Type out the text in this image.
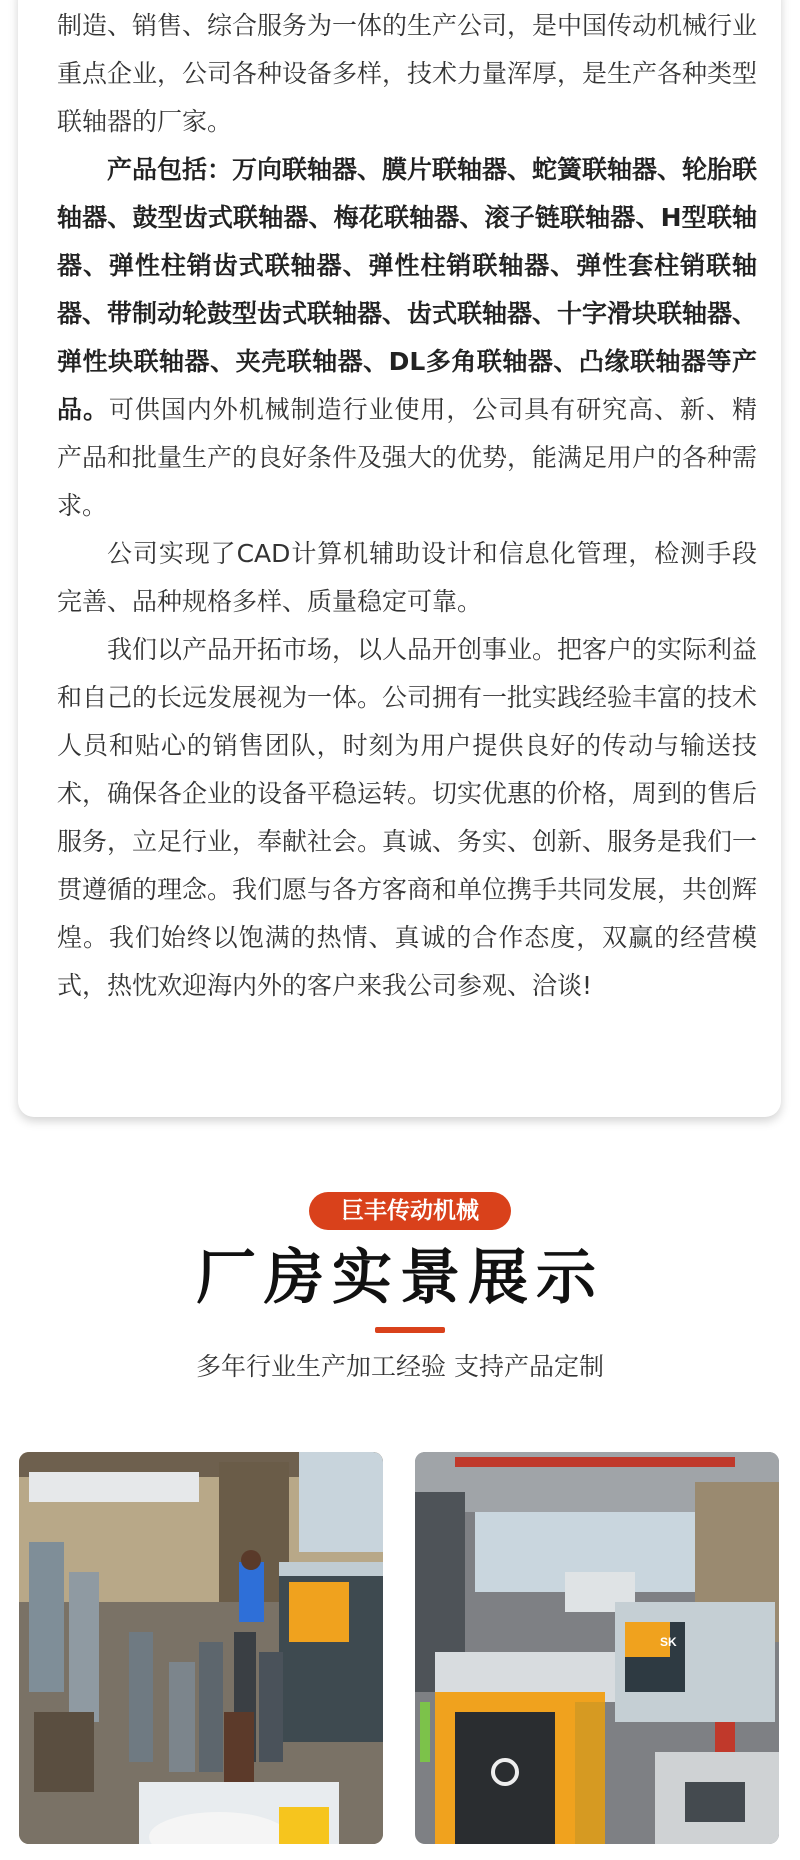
制造、销售、综合服务为一体的生产公司，是中国传动机械行业重点企业，公司各种设备多样，技术力量浑厚，是生产各种类型联轴器的厂家。

产品包括：万向联轴器、膜片联轴器、蛇簧联轴器、轮胎联轴器、鼓型齿式联轴器、梅花联轴器、滚子链联轴器、H型联轴器、弹性柱销齿式联轴器、弹性柱销联轴器、弹性套柱销联轴器、带制动轮鼓型齿式联轴器、齿式联轴器、十字滑块联轴器、弹性块联轴器、夹壳联轴器、DL多角联轴器、凸缘联轴器等产品。可供国内外机械制造行业使用，公司具有研究高、新、精产品和批量生产的良好条件及强大的优势，能满足用户的各种需求。

公司实现了CAD计算机辅助设计和信息化管理，检测手段完善、品种规格多样、质量稳定可靠。

我们以产品开拓市场，以人品开创事业。把客户的实际利益和自己的长远发展视为一体。公司拥有一批实践经验丰富的技术人员和贴心的销售团队，时刻为用户提供良好的传动与输送技术，确保各企业的设备平稳运转。切实优惠的价格，周到的售后服务，立足行业，奉献社会。真诚、务实、创新、服务是我们一贯遵循的理念。我们愿与各方客商和单位携手共同发展，共创辉煌。我们始终以饱满的热情、真诚的合作态度，双赢的经营模式，热忱欢迎海内外的客户来我公司参观、洽谈!

巨丰传动机械
厂房实景展示
多年行业生产加工经验 支持产品定制
SK
